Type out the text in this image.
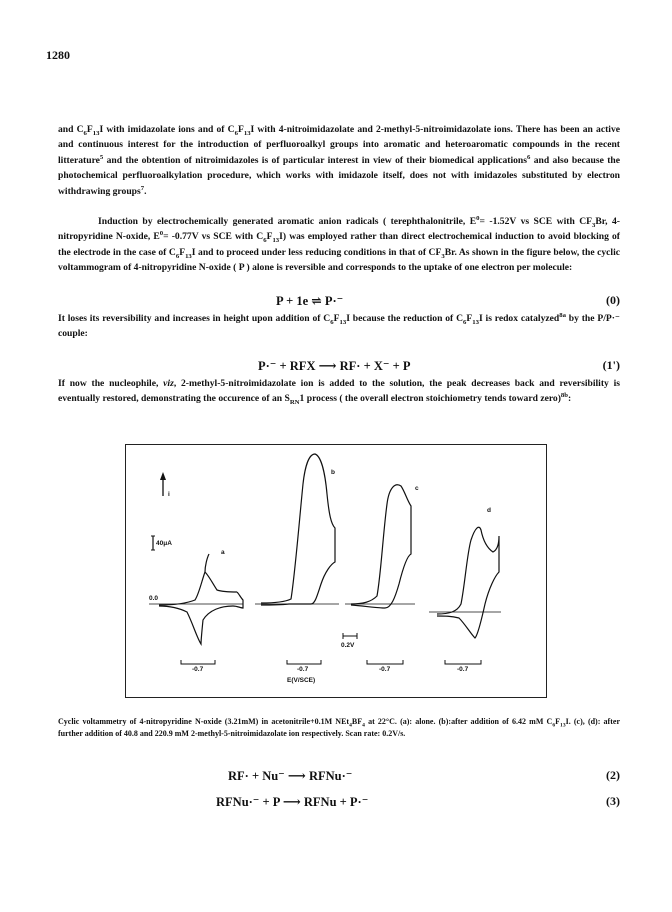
1280
and $C_6F_{13}I$ with imidazolate ions and of $C_6F_{13}I$ with 4-nitroimidazolate and 2-methyl-5-nitroimidazolate ions. There has been an active and continuous interest for the introduction of perfluoroalkyl groups into aromatic and heteroaromatic compounds in the recent litterature$^5$ and the obtention of nitroimidazoles is of particular interest in view of their biomedical applications$^6$ and also because the photochemical perfluoroalkylation procedure, which works with imidazole itself, does not with imidazoles substituted by electron withdrawing groups$^7$.
Induction by electrochemically generated aromatic anion radicals ( terephthalonitrile, $E^0= -1.52V$ vs SCE with $CF_3Br$, 4-nitropyridine N-oxide, $E^0= -0.77V$ vs SCE with $C_6F_{13}I$) was employed rather than direct electrochemical induction to avoid blocking of the electrode in the case of $C_6F_{13}I$ and to proceed under less reducing conditions in that of $CF_3Br$. As shown in the figure below, the cyclic voltammogram of 4-nitropyridine N-oxide ( P ) alone is reversible and corresponds to the uptake of one electron per molecule:
P + 1e ⇌ P·⁻	(0)
It loses its reversibility and increases in height upon addition of $C_6F_{13}I$ because the reduction of $C_6F_{13}I$ is redox catalyzed$^{8a}$ by the P/P·⁻ couple:
P·⁻ + RFX ⟶ RF· + X⁻ + P	(1')
If now the nucleophile, viz, 2-methyl-5-nitroimidazolate ion is added to the solution, the peak decreases back and reversibility is eventually restored, demonstrating the occurence of an $S_{RN}1$ process ( the overall electron stoichiometry tends toward zero)$^{8b}$:
i
40μA
0.0
a
b
c
d
0.2V
-0.7	-0.7	-0.7	-0.7
E(V/SCE)
Cyclic voltammetry of 4-nitropyridine N-oxide (3.21mM) in acetonitrile+0.1M $NEt_4BF_4$ at 22°C. (a): alone. (b):after addition of 6.42 mM $C_6F_{13}I$. (c), (d): after further addition of 40.8 and 220.9 mM 2-methyl-5-nitroimidazolate ion respectively. Scan rate: 0.2V/s.
RF· + Nu⁻ ⟶ RFNu·⁻	(2)
RFNu·⁻ + P ⟶ RFNu + P·⁻	(3)
